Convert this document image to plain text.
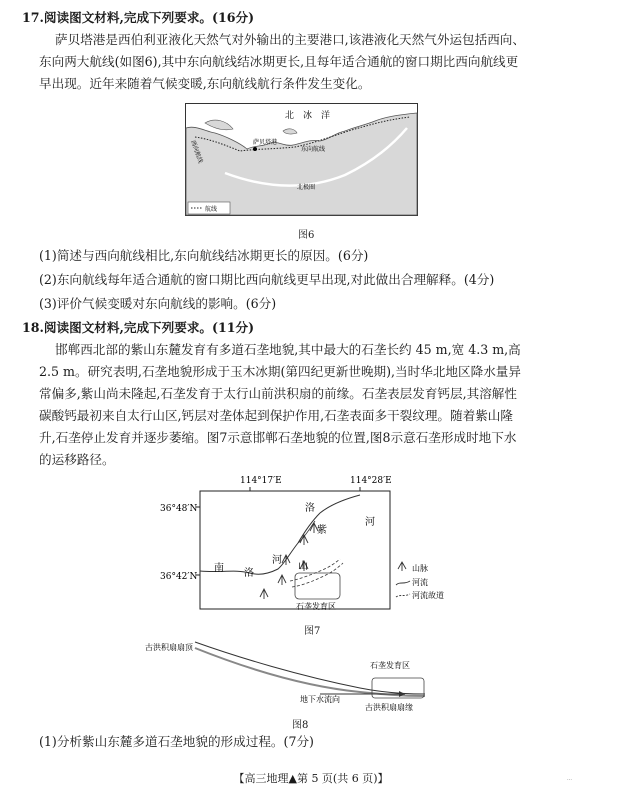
17.阅读图文材料,完成下列要求。(16分)
萨贝塔港是西伯利亚液化天然气对外输出的主要港口,该港液化天然气外运包括西向、
东向两大航线(如图6),其中东向航线结冰期更长,且每年适合通航的窗口期比西向航线更
早出现。近年来随着气候变暖,东向航线航行条件发生变化。
北　冰　洋
西向航线	萨贝塔港
东向航线
北极圈
航线
图6
(1)简述与西向航线相比,东向航线结冰期更长的原因。(6分)
(2)东向航线每年适合通航的窗口期比西向航线更早出现,对此做出合理解释。(4分)
(3)评价气候变暖对东向航线的影响。(6分)
18.阅读图文材料,完成下列要求。(11分)
邯郸西北部的紫山东麓发育有多道石垄地貌,其中最大的石垄长约 45 m,宽 4.3 m,高
2.5 m。研究表明,石垄地貌形成于玉木冰期(第四纪更新世晚期),当时华北地区降水量异
常偏多,紫山尚未隆起,石垄发育于太行山前洪积扇的前缘。石垄表层发育钙层,其溶解性
碳酸钙最初来自太行山区,钙层对垄体起到保护作用,石垄表面多干裂纹理。随着紫山隆
升,石垄停止发育并逐步萎缩。图7示意邯郸石垄地貌的位置,图8示意石垄形成时地下水
的运移路径。
114°17′E	114°28′E
36°48′N
36°42′N
洛
河
紫
河
南 洛
山
石垄发育区
山脉
河流
河流故道
图7
古洪积扇扇顶
石垄发育区
地下水流向
古洪积扇扇缘
图8
(1)分析紫山东麓多道石垄地貌的形成过程。(7分)
【高三地理▲第 5 页(共 6 页)】	…
